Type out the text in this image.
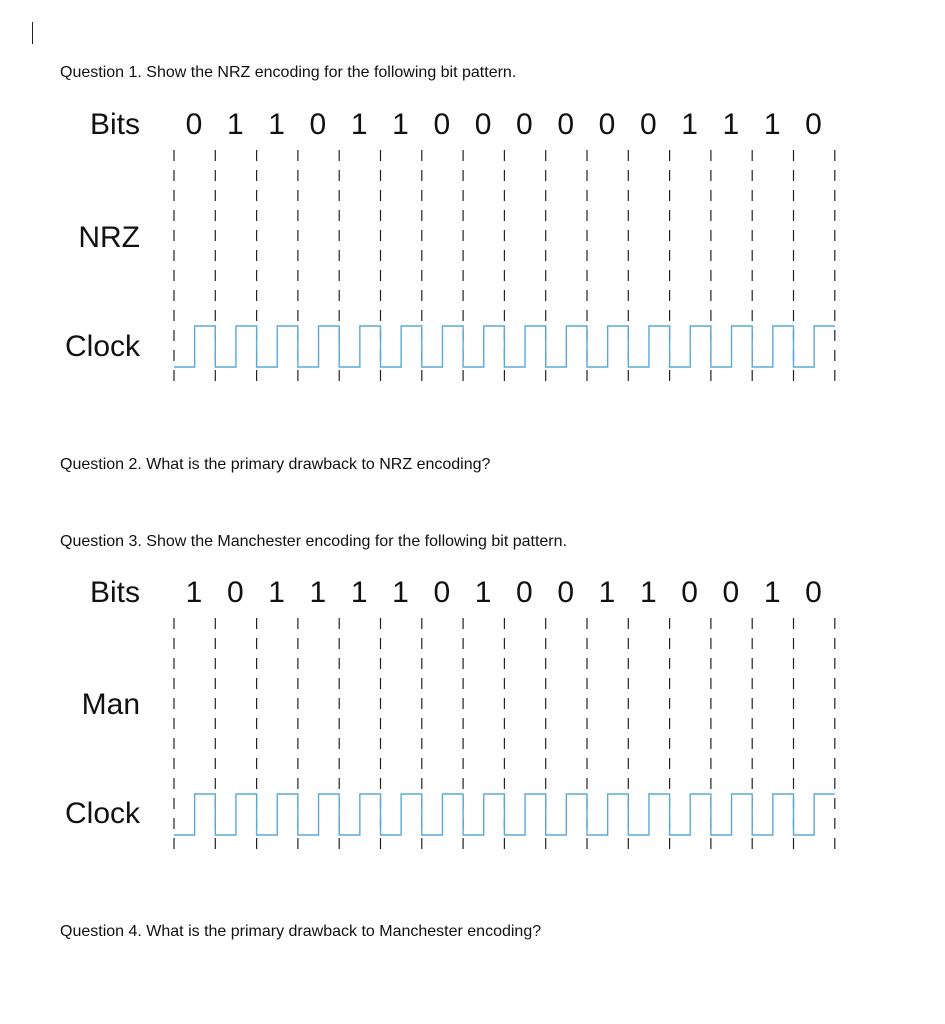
Question 1. Show the NRZ encoding for the following bit pattern.
Bits 0 1 1 0 1 1 0 0 0 0 0 0 1 1 1 0
NRZ
Clock
Question 2. What is the primary drawback to NRZ encoding?
Question 3. Show the Manchester encoding for the following bit pattern.
Bits 1 0 1 1 1 1 0 1 0 0 1 1 0 0 1 0
Man
Clock
Question 4. What is the primary drawback to Manchester encoding?
